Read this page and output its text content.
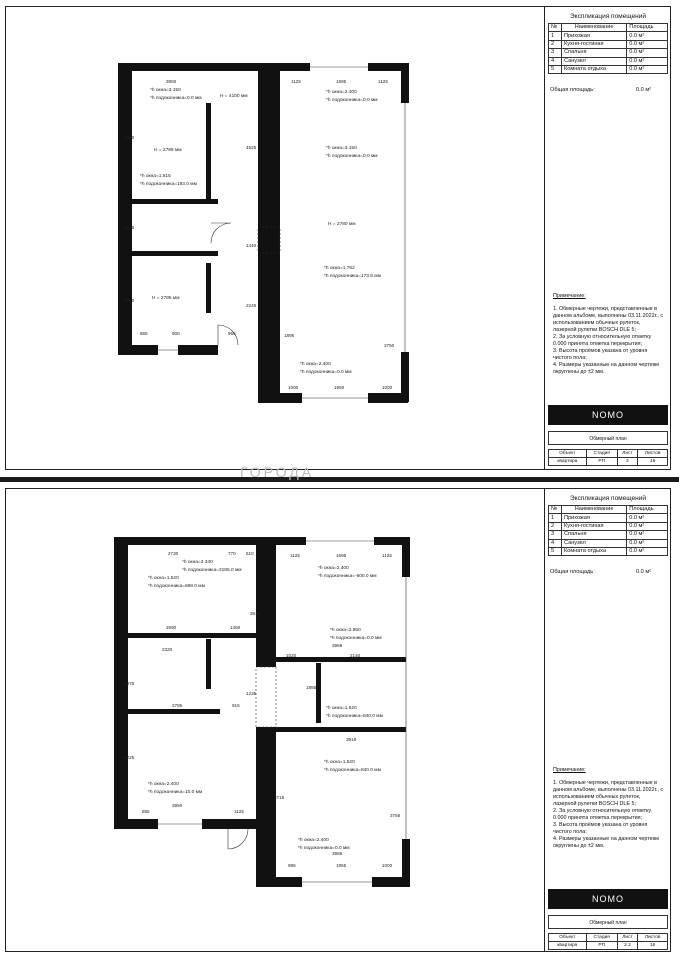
3950	1125	1695	1125
1560
1535
3440
4525
1440
2245
1895
3750
1000	1950	1000
865	900	955
*h окна=3.150
*h подоконника=0.0 мм	H = 4100 мм
H = 2789 мм
*h окна=1.515
*h подоконника=193.0 мм
H = 2785 мм
*h окна=2.400
*h подоконника=0.0 мм
*h окна=3.150
*h подоконника=0.0 мм
H = 2780 мм
*h окна=1.762
*h подоконника=173.8 мм
*h окна=2.400
*h подоконника=0.0 мм
Экспликация помещений
№	Наименование	Площадь
1	Прихожая	0.0 м²
2	Кухня-гостиная	0.0 м²
3	Спальня	0.0 м²
4	Санузел	0.0 м²
5	Комната отдыха	0.0 м²
Общая площадь:	0.0 м²
Примечание:
1. Обмерные чертежи, представленные в данном альбоме, выполнены 03.11.2022г., с использованием обычных рулеток, лазерной рулетки BOSCH DLE 5;
2. За условную относительную отметку 0.000 принята отметка перекрытия;
3. Высота проёмов указана от уровня чистого пола;
4. Размеры указанные на данном чертеже округлены до ±2 мм.
NOMO
Обмерный план
Объект	Стадия	Лист	Листов
квартира	РП	2	16
ГОРОДА
2730	770 510	1125	1695	1125
3615
2590	1450
2320
3968
1020	2140
1885
2785	915
1235
3918
3225
3950
865	1125
3756
3968
995	1955	1000
3715
1976
*h окна=3.340
*h подоконника=2185.0 мм
*h окна=1.520
*h подоконника=868.0 мм
*h окна=2.400
*h подоконника=-600.0 мм
*h окна=2.950
*h подоконника=0.0 мм
*h окна=1.520
*h подоконника=840.0 мм
*h окна=1.520
*h подоконника=840.0 мм
*h окна=2.400
*h подоконника=10.0 мм
*h окна=2.400
*h подоконника=0.0 мм
Экспликация помещений
№	Наименование	Площадь
1	Прихожая	0.0 м²
2	Кухня-гостиная	0.0 м²
3	Спальня	0.0 м²
4	Санузел	0.0 м²
5	Комната отдыха	0.0 м²
Общая площадь:	0.0 м²
Примечание:
1. Обмерные чертежи, представленные в данном альбоме, выполнены 03.11.2022г., с использованием обычных рулеток, лазерной рулетки BOSCH DLE 5;
2. За условную относительную отметку 0.000 принята отметка перекрытия;
3. Высота проёмов указана от уровня чистого пола;
4. Размеры указанные на данном чертеже округлены до ±2 мм.
NOMO
Обмерный план
Объект	Стадия	Лист	Листов
квартира	РП	2.2	16
